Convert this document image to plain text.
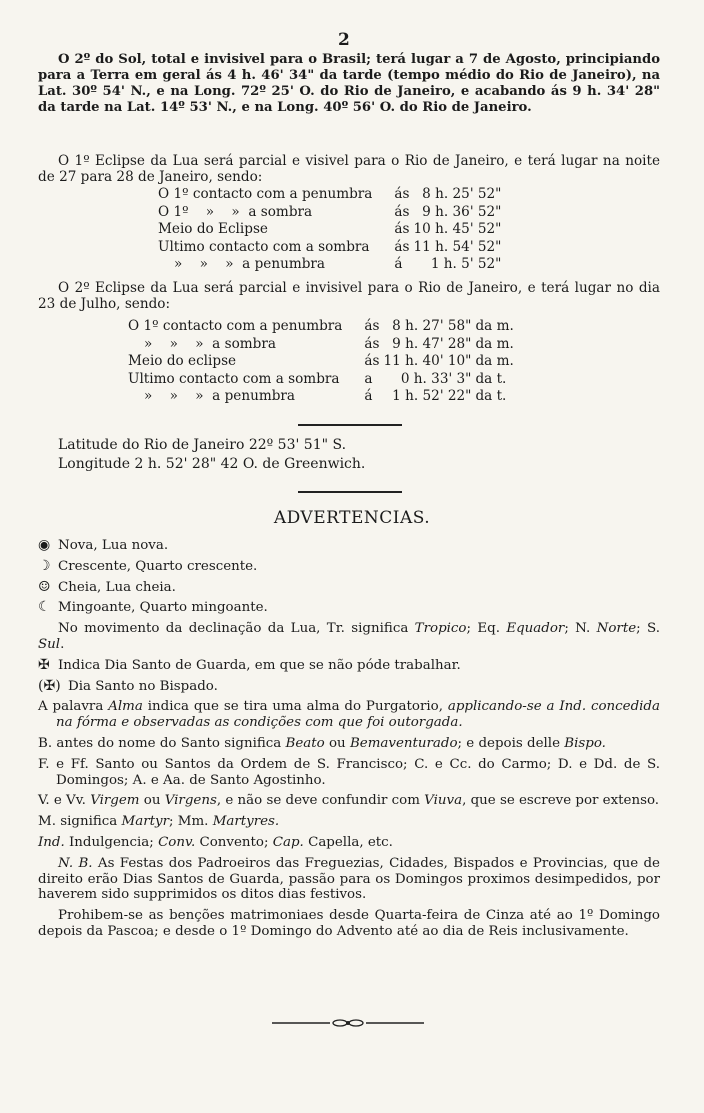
2

O 2º do Sol, total e invisivel para o Brasil; terá lugar a 7 de Agosto, principiando para a Terra em geral ás 4 h. 46' 34" da tarde (tempo médio do Rio de Janeiro), na Lat. 30º 54' N., e na Long. 72º 25' O. do Rio de Janeiro, e acabando ás 9 h. 34' 28" da tarde na Lat. 14º 53' N., e na Long. 40º 56' O. do Rio de Janeiro.

O 1º Eclipse da Lua será parcial e visivel para o Rio de Janeiro, e terá lugar na noite de 27 para 28 de Janeiro, sendo:

O 1º contacto com a penumbra	ás	8 h. 25' 52"
O 1º    »    »  a sombra	ás	9 h. 36' 52"
Meio do Eclipse	ás	10 h. 45' 52"
Ultimo contacto com a sombra	ás	11 h. 54' 52"
»    »    »  a penumbra	á	1 h. 5' 52"

O 2º Eclipse da Lua será parcial e invisivel para o Rio de Janeiro, e terá lugar no dia 23 de Julho, sendo:

O 1º contacto com a penumbra	ás	8 h. 27' 58"	da m.
»    »    »  a sombra	ás	9 h. 47' 28"	da m.
Meio do eclipse	ás	11 h. 40' 10"	da m.
Ultimo contacto com a sombra	a	0 h. 33' 3"	da t.
»    »    »  a penumbra	á	1 h. 52' 22"	da t.

Latitude do Rio de Janeiro 22º 53' 51" S.

Longitude 2 h. 52' 28" 42 O. de Greenwich.

ADVERTENCIAS.

◉ Nova, Lua nova.

☽ Crescente, Quarto crescente.

☺ Cheia, Lua cheia.

☾ Mingoante, Quarto mingoante.

No movimento da declinação da Lua, Tr. significa Tropico; Eq. Equador; N. Norte; S. Sul.

✠ Indica Dia Santo de Guarda, em que se não póde trabalhar.

(✠) Dia Santo no Bispado.

A palavra Alma indica que se tira uma alma do Purgatorio, applicando-se a Ind. concedida na fórma e observadas as condições com que foi outorgada.

B. antes do nome do Santo significa Beato ou Bemaventurado; e depois delle Bispo.

F. e Ff. Santo ou Santos da Ordem de S. Francisco; C. e Cc. do Carmo; D. e Dd. de S. Domingos; A. e Aa. de Santo Agostinho.

V. e Vv. Virgem ou Virgens, e não se deve confundir com Viuva, que se escreve por extenso.

M. significa Martyr; Mm. Martyres.

Ind. Indulgencia; Conv. Convento; Cap. Capella, etc.

N. B. As Festas dos Padroeiros das Freguezias, Cidades, Bispados e Provincias, que de direito erão Dias Santos de Guarda, passão para os Domingos proximos desimpedidos, por haverem sido supprimidos os ditos dias festivos.

Prohibem-se as benções matrimoniaes desde Quarta-feira de Cinza até ao 1º Domingo depois da Pascoa; e desde o 1º Domingo do Advento até ao dia de Reis inclusivamente.
